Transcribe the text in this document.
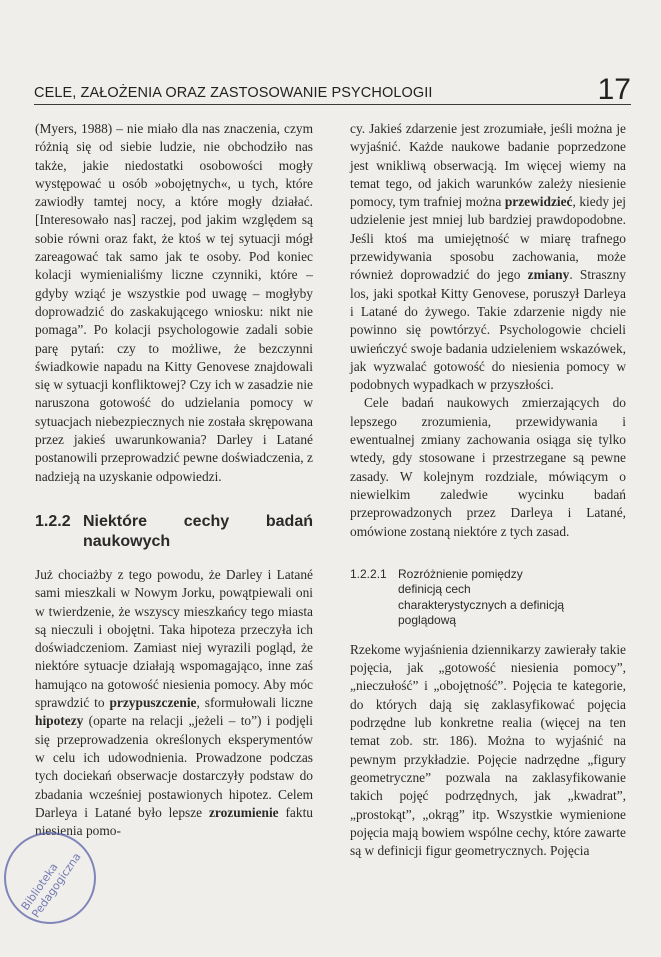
CELE, ZAŁOŻENIA ORAZ ZASTOSOWANIE PSYCHOLOGII	17

(Myers, 1988) – nie miało dla nas znaczenia, czym różnią się od siebie ludzie, nie obchodziło nas także, jakie niedostatki osobowości mogły występować u osób »obojętnych«, u tych, które zawiodły tamtej nocy, a które mogły działać. [Interesowało nas] raczej, pod jakim względem są sobie równi oraz fakt, że ktoś w tej sytuacji mógł zareagować tak samo jak te osoby. Pod koniec kolacji wymienialiśmy liczne czynniki, które – gdyby wziąć je wszystkie pod uwagę – mogłyby doprowadzić do zaskakującego wniosku: nikt nie pomaga”. Po kolacji psychologowie zadali sobie parę pytań: czy to możliwe, że bezczynni świadkowie napadu na Kitty Genovese znajdowali się w sytuacji konfliktowej? Czy ich w zasadzie nie naruszona gotowość do udzielania pomocy w sytuacjach niebezpiecznych nie została skrępowana przez jakieś uwarunkowania? Darley i Latané postanowili przeprowadzić pewne doświadczenia, z nadzieją na uzyskanie odpowiedzi.

1.2.2 Niektóre cechy badań naukowych

Już chociażby z tego powodu, że Darley i Latané sami mieszkali w Nowym Jorku, powątpiewali oni w twierdzenie, że wszyscy mieszkańcy tego miasta są nieczuli i obojętni. Taka hipoteza przeczyła ich doświadczeniom. Zamiast niej wyrazili pogląd, że niektóre sytuacje działają wspomagająco, inne zaś hamująco na gotowość niesienia pomocy. Aby móc sprawdzić to przypuszczenie, sformułowali liczne hipotezy (oparte na relacji „jeżeli – to”) i podjęli się przeprowadzenia określonych eksperymentów w celu ich udowodnienia. Prowadzone podczas tych dociekań obserwacje dostarczyły podstaw do zbadania wcześniej postawionych hipotez. Celem Darleya i Latané było lepsze zrozumienie faktu niesienia pomo-

cy. Jakieś zdarzenie jest zrozumiałe, jeśli można je wyjaśnić. Każde naukowe badanie poprzedzone jest wnikliwą obserwacją. Im więcej wiemy na temat tego, od jakich warunków zależy niesienie pomocy, tym trafniej można przewidzieć, kiedy jej udzielenie jest mniej lub bardziej prawdopodobne. Jeśli ktoś ma umiejętność w miarę trafnego przewidywania sposobu zachowania, może również doprowadzić do jego zmiany. Straszny los, jaki spotkał Kitty Genovese, poruszył Darleya i Latané do żywego. Takie zdarzenie nigdy nie powinno się powtórzyć. Psychologowie chcieli uwieńczyć swoje badania udzieleniem wskazówek, jak wyzwalać gotowość do niesienia pomocy w podobnych wypadkach w przyszłości.

Cele badań naukowych zmierzających do lepszego zrozumienia, przewidywania i ewentualnej zmiany zachowania osiąga się tylko wtedy, gdy stosowane i przestrzegane są pewne zasady. W kolejnym rozdziale, mówiącym o niewielkim zaledwie wycinku badań przeprowadzonych przez Darleya i Latané, omówione zostaną niektóre z tych zasad.

1.2.2.1 Rozróżnienie pomiędzy definicją cech charakterystycznych a definicją poglądową

Rzekome wyjaśnienia dziennikarzy zawierały takie pojęcia, jak „gotowość niesienia pomocy”, „nieczułość” i „obojętność”. Pojęcia te kategorie, do których dają się zaklasyfikować pojęcia podrzędne lub konkretne realia (więcej na ten temat zob. str. 186). Można to wyjaśnić na pewnym przykładzie. Pojęcie nadrzędne „figury geometryczne” pozwala na zaklasyfikowanie takich pojęć podrzędnych, jak „kwadrat”, „prostokąt”, „okrąg” itp. Wszystkie wymienione pojęcia mają bowiem wspólne cechy, które zawarte są w definicji figur geometrycznych. Pojęcia

Biblioteka Pedagogiczna
